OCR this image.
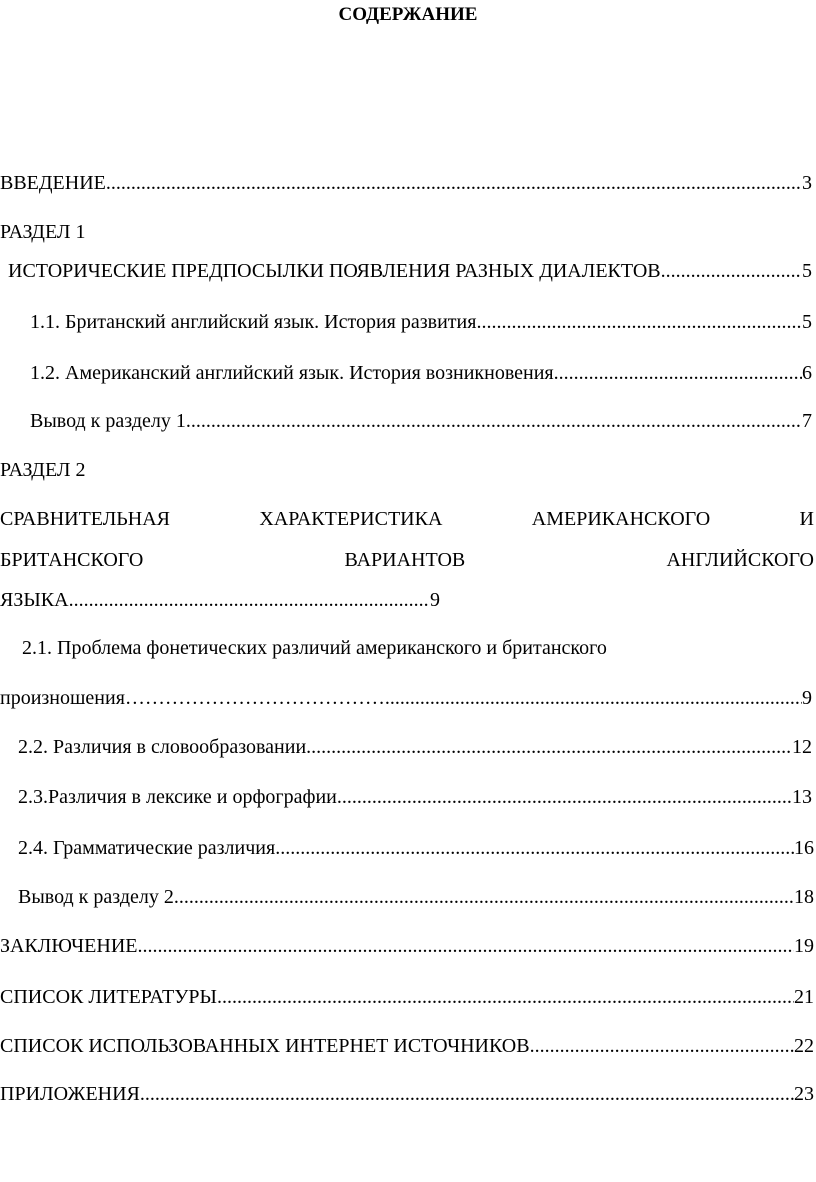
СОДЕРЖАНИЕ
ВВЕДЕНИЕ .....	3
РАЗДЕЛ 1
ИСТОРИЧЕСКИЕ ПРЕДПОСЫЛКИ ПОЯВЛЕНИЯ РАЗНЫХ ДИАЛЕКТОВ .....	5
1.1. Британский английский язык. История развития .....	5
1.2. Американский английский язык. История возникновения .....	6
Вывод к разделу 1 .....	7
РАЗДЕЛ 2
СРАВНИТЕЛЬНАЯ	ХАРАКТЕРИСТИКА	АМЕРИКАНСКОГО	И
БРИТАНСКОГО	ВАРИАНТОВ	АНГЛИЙСКОГО
ЯЗЫКА .....	9
2.1. Проблема фонетических различий американского и британского
произношения ………………………………… .....	9
2.2. Различия в словообразовании .....	12
2.3.Различия в лексике и орфографии .....	13
2.4. Грамматические различия .....	16
Вывод к разделу 2 .....	18
ЗАКЛЮЧЕНИЕ .....	19
СПИСОК ЛИТЕРАТУРЫ .....	21
СПИСОК ИСПОЛЬЗОВАННЫХ ИНТЕРНЕТ ИСТОЧНИКОВ .....	22
ПРИЛОЖЕНИЯ .....	23
